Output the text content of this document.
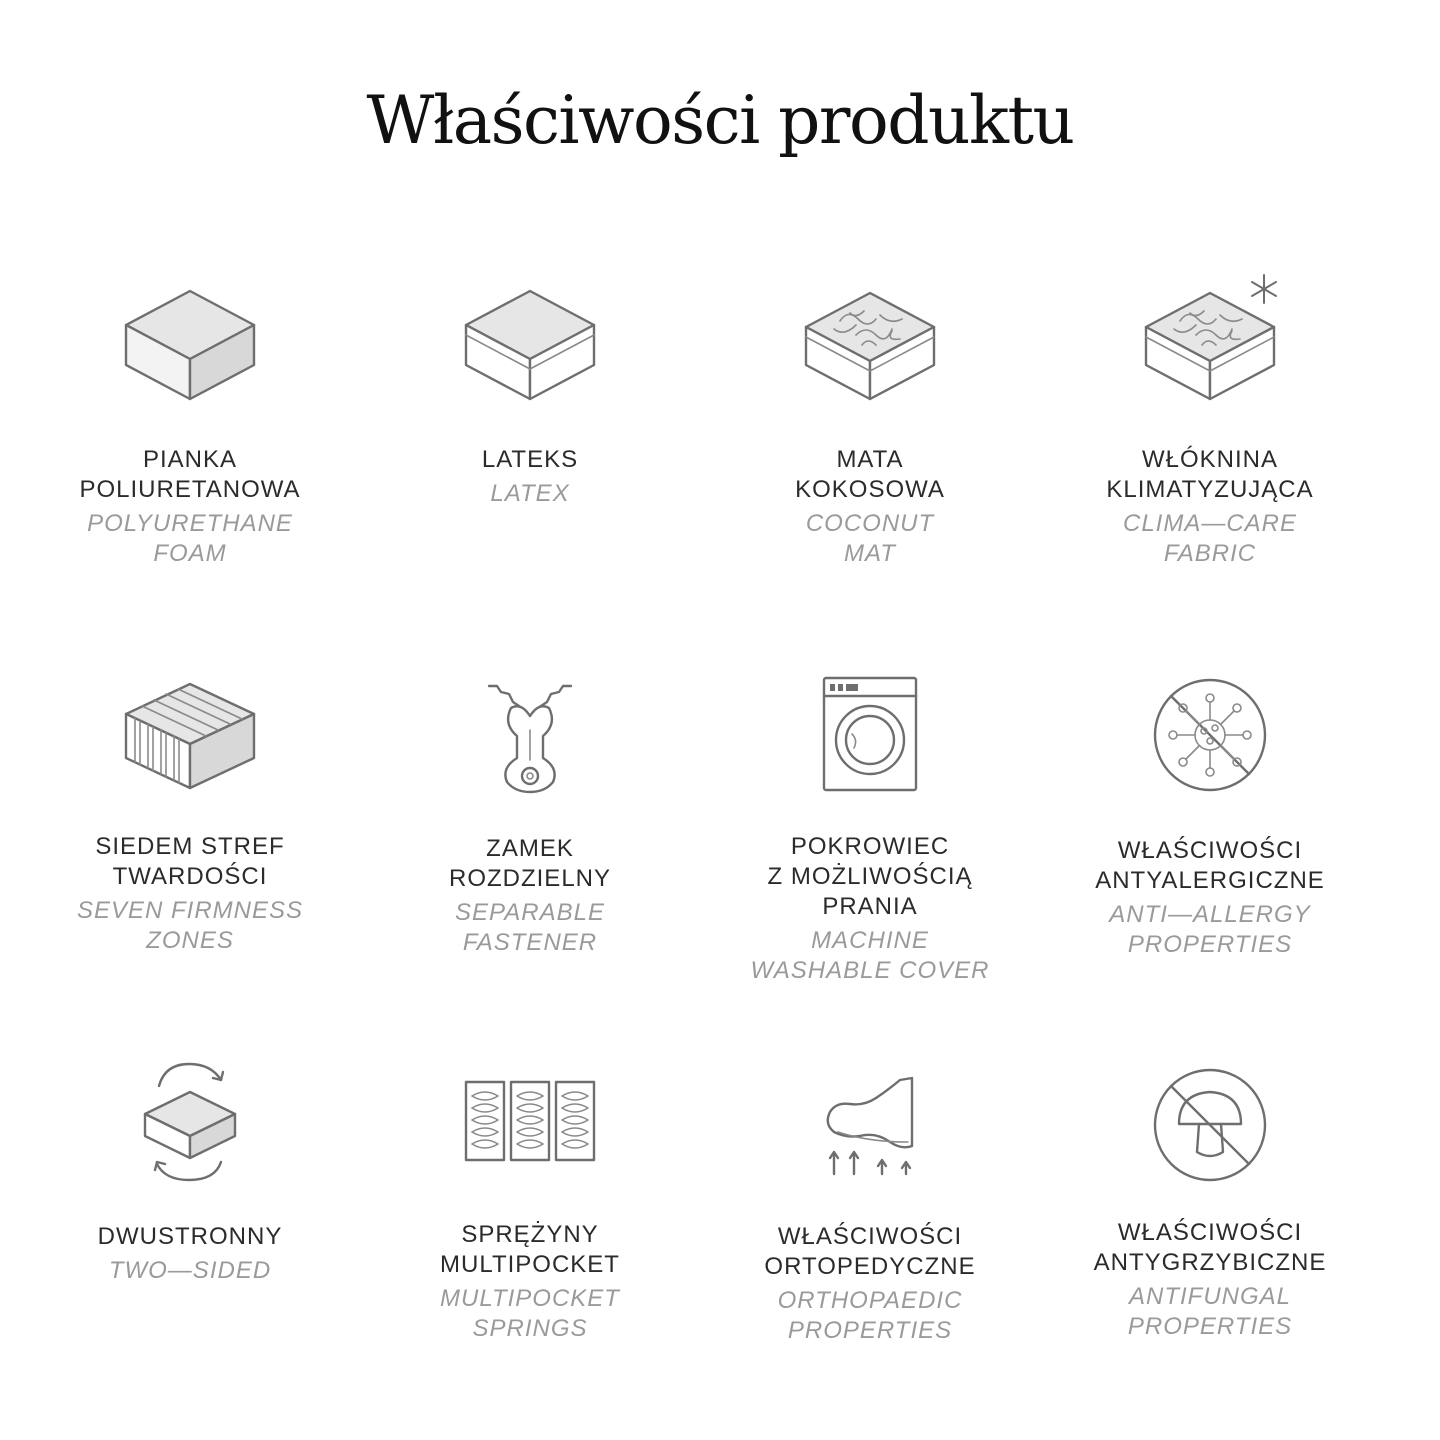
Właściwości produktu

PIANKA
POLIURETANOWA

POLYURETHANE
FOAM

LATEKS

LATEX

MATA
KOKOSOWA

COCONUT
MAT

WŁÓKNINA
KLIMATYZUJĄCA

CLIMA—CARE
FABRIC

SIEDEM STREF
TWARDOŚCI

SEVEN FIRMNESS
ZONES

ZAMEK
ROZDZIELNY

SEPARABLE
FASTENER

POKROWIEC
Z MOŻLIWOŚCIĄ
PRANIA

MACHINE
WASHABLE COVER

WŁAŚCIWOŚCI
ANTYALERGICZNE

ANTI—ALLERGY
PROPERTIES

DWUSTRONNY

TWO—SIDED

SPRĘŻYNY
MULTIPOCKET

MULTIPOCKET
SPRINGS

WŁAŚCIWOŚCI
ORTOPEDYCZNE

ORTHOPAEDIC
PROPERTIES

WŁAŚCIWOŚCI
ANTYGRZYBICZNE

ANTIFUNGAL
PROPERTIES
